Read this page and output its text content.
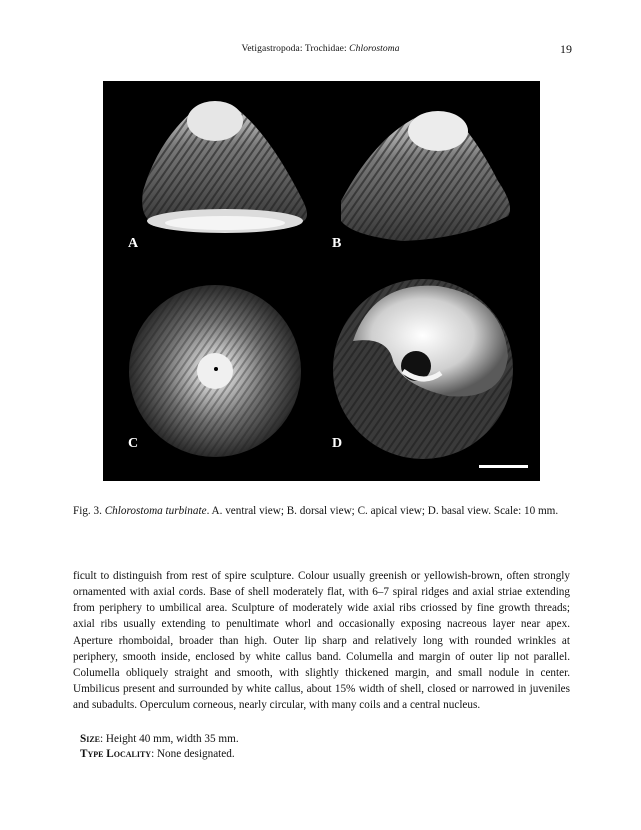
Vetigastropoda: Trochidae: Chlorostoma	19
A	B
C	D
Fig. 3. Chlorostoma turbinate. A. ventral view; B. dorsal view; C. apical view; D. basal view. Scale: 10 mm.
ficult to distinguish from rest of spire sculpture. Colour usually greenish or yellowish-brown, often strongly ornamented with axial cords. Base of shell moderately flat, with 6–7 spiral ridges and axial striae extending from periphery to umbilical area. Sculpture of moderately wide axial ribs criossed by fine growth threads; axial ribs usually extending to penultimate whorl and occasionally exposing nacreous layer near apex. Aperture rhomboidal, broader than high. Outer lip sharp and relatively long with rounded wrinkles at periphery, smooth inside, enclosed by white callus band. Columella and margin of outer lip not parallel. Columella obliquely straight and smooth, with slightly thickened margin, and small nodule in center. Umbilicus present and surrounded by white callus, about 15% width of shell, closed or narrowed in juveniles and subadults. Operculum corneous, nearly circular, with many coils and a central nucleus.
Size: Height 40 mm, width 35 mm.
Type Locality: None designated.
